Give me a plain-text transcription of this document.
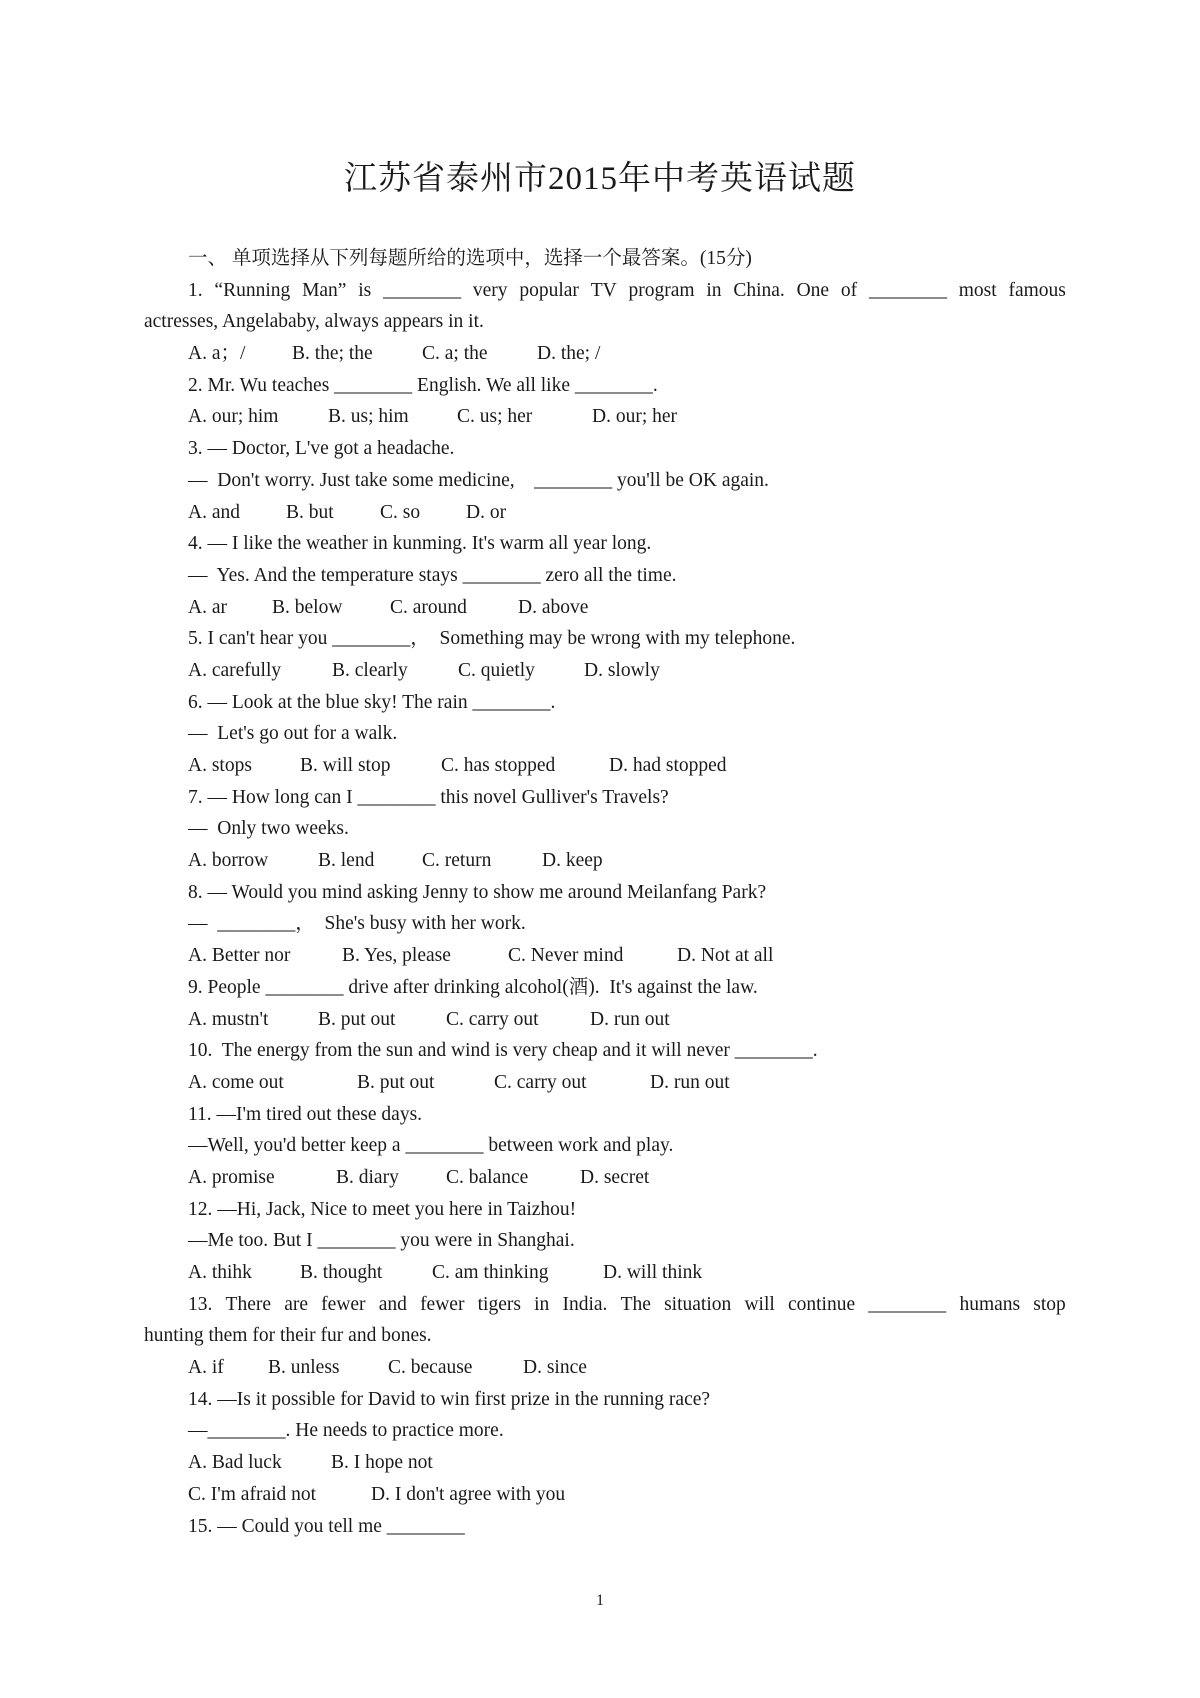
江苏省泰州市2015年中考英语试题
一、 单项选择从下列每题所给的选项中，选择一个最答案。(15分)
1. “Running Man” is ________ very popular TV program in China. One of ________ most famous
actresses, Angelababy, always appears in it.
A. a；/ B. the; the	C. a; the	D. the; /
2. Mr. Wu teaches ________ English. We all like ________.
A. our; him	B. us; him C. us; her	D. our; her
3. — Doctor, L've got a headache.
—  Don't worry. Just take some medicine,    ________ you'll be OK again.
A. and B. but C. so D. or
4. — I like the weather in kunming. It's warm all year long.
—  Yes. And the temperature stays ________ zero all the time.
A. ar B. below C. around	D. above
5. I can't hear you ________，  Something may be wrong with my telephone.
A. carefully	B. clearly	C. quietly	D. slowly
6. — Look at the blue sky! The rain ________.
—  Let's go out for a walk.
A. stops B. will stop	C. has stopped	D. had stopped
7. — How long can I ________ this novel Gulliver's Travels?
—  Only two weeks.
A. borrow	B. lend C. return	D. keep
8. — Would you mind asking Jenny to show me around Meilanfang Park?
—  ________，  She's busy with her work.
A. Better nor	B. Yes, please	C. Never mind	D. Not at all
9. People ________ drive after drinking alcohol(酒).  It's against the law.
A. mustn't	B. put out	C. carry out	D. run out
10.  The energy from the sun and wind is very cheap and it will never ________.
A. come out	B. put out	C. carry out	D. run out
11. —I'm tired out these days.
—Well, you'd better keep a ________ between work and play.
A. promise	B. diary C. balance	D. secret
12. —Hi, Jack, Nice to meet you here in Taizhou!
—Me too. But I ________ you were in Shanghai.
A. thihk B. thought	C. am thinking	D. will think
13. There are fewer and fewer tigers in India. The situation will continue ________ humans stop
hunting them for their fur and bones.
A. if B. unless C. because	D. since
14. —Is it possible for David to win first prize in the running race?
—________. He needs to practice more.
A. Bad luck	B. I hope not
C. I'm afraid not	D. I don't agree with you
15. — Could you tell me ________
1
